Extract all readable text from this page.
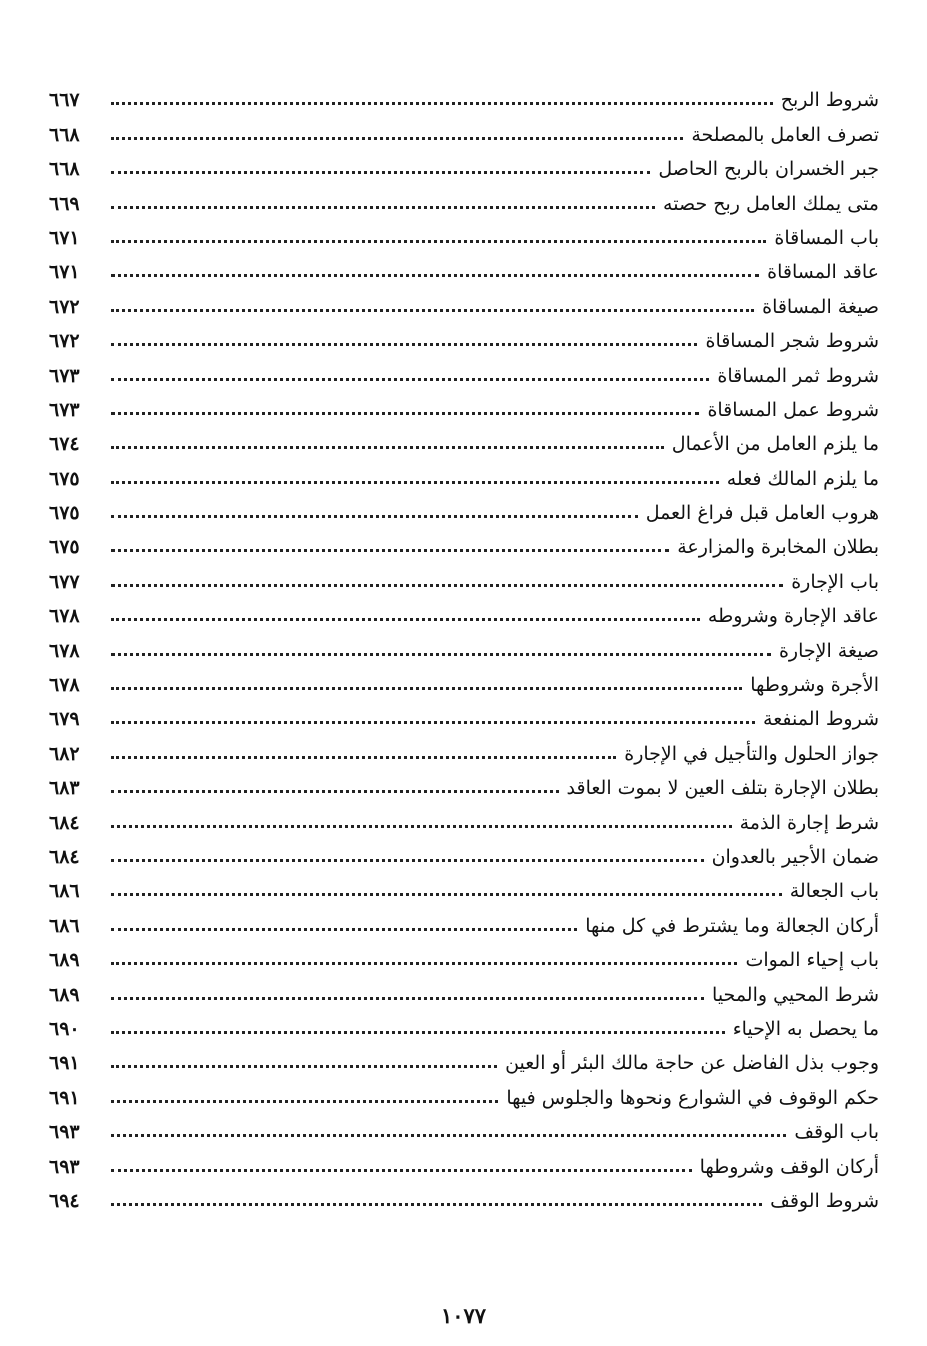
شروط الربح
٦٦٧
تصرف العامل بالمصلحة
٦٦٨
جبر الخسران بالربح الحاصل
٦٦٨
متى يملك العامل ربح حصته
٦٦٩
باب المساقاة
٦٧١
عاقد المساقاة
٦٧١
صيغة المساقاة
٦٧٢
شروط شجر المساقاة
٦٧٢
شروط ثمر المساقاة
٦٧٣
شروط عمل المساقاة
٦٧٣
ما يلزم العامل من الأعمال
٦٧٤
ما يلزم المالك فعله
٦٧٥
هروب العامل قبل فراغ العمل
٦٧٥
بطلان المخابرة والمزارعة
٦٧٥
باب الإجارة
٦٧٧
عاقد الإجارة وشروطه
٦٧٨
صيغة الإجارة
٦٧٨
الأجرة وشروطها
٦٧٨
شروط المنفعة
٦٧٩
جواز الحلول والتأجيل في الإجارة
٦٨٢
بطلان الإجارة بتلف العين لا بموت العاقد
٦٨٣
شرط إجارة الذمة
٦٨٤
ضمان الأجير بالعدوان
٦٨٤
باب الجعالة
٦٨٦
أركان الجعالة وما يشترط في كل منها
٦٨٦
باب إحياء الموات
٦٨٩
شرط المحيي والمحيا
٦٨٩
ما يحصل به الإحياء
٦٩٠
وجوب بذل الفاضل عن حاجة مالك البئر أو العين
٦٩١
حكم الوقوف في الشوارع ونحوها والجلوس فيها
٦٩١
باب الوقف
٦٩٣
أركان الوقف وشروطها
٦٩٣
شروط الوقف
٦٩٤
١٠٧٧
